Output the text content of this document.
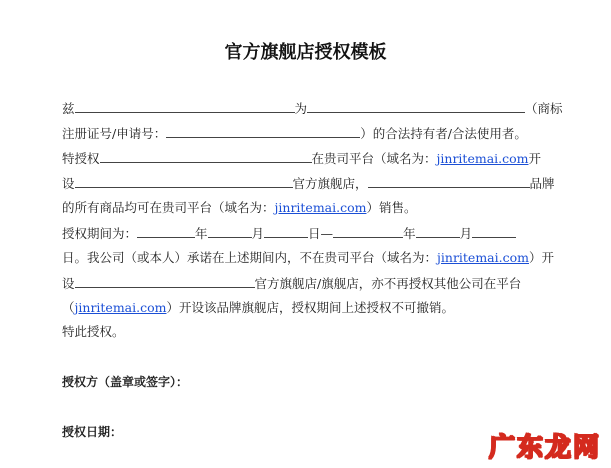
官方旗舰店授权模板
兹	为	（商标
注册证号/申请号：	）的合法持有者/合法使用者。
特授权	在贵司平台（域名为：jinritemai.com开
设	官方旗舰店，	品牌
的所有商品均可在贵司平台（域名为：jinritemai.com）销售。
授权期间为：	年	月	日—	年	月
日。我公司（或本人）承诺在上述期间内，不在贵司平台（域名为：jinritemai.com）开
设	官方旗舰店/旗舰店，亦不再授权其他公司在平台
（jinritemai.com）开设该品牌旗舰店，授权期间上述授权不可撤销。
特此授权。
授权方（盖章或签字）：
授权日期：
广东龙网
